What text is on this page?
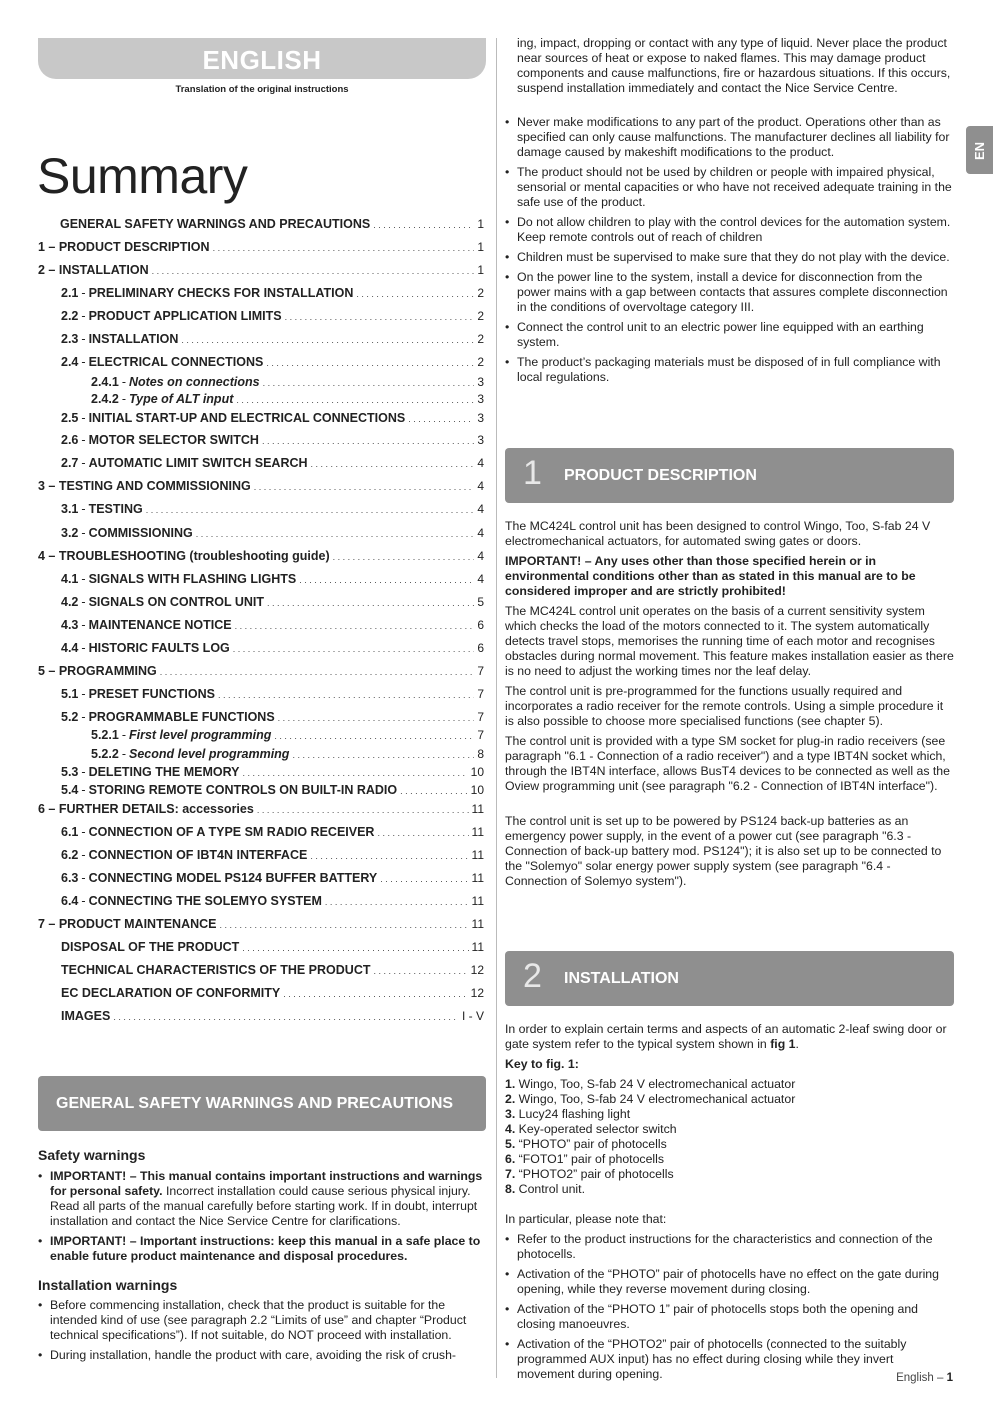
ENGLISH
Translation of the original instructions
Summary
GENERAL SAFETY WARNINGS AND PRECAUTIONS . . .	1
1 – PRODUCT DESCRIPTION . . .	1
2 – INSTALLATION . . .	1
2.1 - PRELIMINARY CHECKS FOR INSTALLATION . . .	2
2.2 - PRODUCT APPLICATION LIMITS . . .	2
2.3 - INSTALLATION . . .	2
2.4 - ELECTRICAL CONNECTIONS . . .	2
2.4.1 - Notes on connections . . .	3
2.4.2 - Type of ALT input . . .	3
2.5 - INITIAL START-UP AND ELECTRICAL CONNECTIONS . . .	3
2.6 - MOTOR SELECTOR SWITCH . . .	3
2.7 - AUTOMATIC LIMIT SWITCH SEARCH . . .	4
3 – TESTING AND COMMISSIONING . . .	4
3.1 - TESTING . . .	4
3.2 - COMMISSIONING . . .	4
4 – TROUBLESHOOTING (troubleshooting guide) . . .	4
4.1 - SIGNALS WITH FLASHING LIGHTS . . .	4
4.2 - SIGNALS ON CONTROL UNIT . . .	5
4.3 - MAINTENANCE NOTICE . . .	6
4.4 - HISTORIC FAULTS LOG . . .	6
5 – PROGRAMMING . . .	7
5.1 - PRESET FUNCTIONS . . .	7
5.2 - PROGRAMMABLE FUNCTIONS . . .	7
5.2.1 - First level programming . . .	7
5.2.2 - Second level programming . . .	8
5.3 - DELETING THE MEMORY . . .	10
5.4 - STORING REMOTE CONTROLS ON BUILT-IN RADIO . . .	10
6 – FURTHER DETAILS: accessories . . .	11
6.1 - CONNECTION OF A TYPE SM RADIO RECEIVER . . .	11
6.2 - CONNECTION OF IBT4N INTERFACE . . .	11
6.3 - CONNECTING MODEL PS124 BUFFER BATTERY . . .	11
6.4 - CONNECTING THE SOLEMYO SYSTEM . . .	11
7 – PRODUCT MAINTENANCE . . .	11
DISPOSAL OF THE PRODUCT . . .	11
TECHNICAL CHARACTERISTICS OF THE PRODUCT . . .	12
EC DECLARATION OF CONFORMITY . . .	12
IMAGES . . .	I - V
GENERAL SAFETY WARNINGS AND PRECAUTIONS
Safety warnings
• IMPORTANT! – This manual contains important instructions and warnings for personal safety. Incorrect installation could cause serious physical injury. Read all parts of the manual carefully before starting work. If in doubt, interrupt installation and contact the Nice Service Centre for clarifications.
• IMPORTANT! – Important instructions: keep this manual in a safe place to enable future product maintenance and disposal procedures.
Installation warnings
• Before commencing installation, check that the product is suitable for the intended kind of use (see paragraph 2.2 “Limits of use” and chapter “Product technical specifications”). If not suitable, do NOT proceed with installation.
• During installation, handle the product with care, avoiding the risk of crush-
ing, impact, dropping or contact with any type of liquid. Never place the product near sources of heat or expose to naked flames. This may damage product components and cause malfunctions, fire or hazardous situations. If this occurs, suspend installation immediately and contact the Nice Service Centre.
• Never make modifications to any part of the product. Operations other than as specified can only cause malfunctions. The manufacturer declines all liability for damage caused by makeshift modifications to the product.
• The product should not be used by children or people with impaired physical, sensorial or mental capacities or who have not received adequate training in the safe use of the product.
• Do not allow children to play with the control devices for the automation system. Keep remote controls out of reach of children
• Children must be supervised to make sure that they do not play with the device.
• On the power line to the system, install a device for disconnection from the power mains with a gap between contacts that assures complete disconnection in the conditions of overvoltage category III.
• Connect the control unit to an electric power line equipped with an earthing system.
• The product’s packaging materials must be disposed of in full compliance with local regulations.
EN
1 PRODUCT DESCRIPTION
The MC424L control unit has been designed to control Wingo, Too, S-fab 24 V electromechanical actuators, for automated swing gates or doors.
IMPORTANT! – Any uses other than those specified herein or in environmental conditions other than as stated in this manual are to be considered improper and are strictly prohibited!
The MC424L control unit operates on the basis of a current sensitivity system which checks the load of the motors connected to it. The system automatically detects travel stops, memorises the running time of each motor and recognises obstacles during normal movement. This feature makes installation easier as there is no need to adjust the working times nor the leaf delay.
The control unit is pre-programmed for the functions usually required and incorporates a radio receiver for the remote controls. Using a simple procedure it is also possible to choose more specialised functions (see chapter 5).
The control unit is provided with a type SM socket for plug-in radio receivers (see paragraph "6.1 - Connection of a radio receiver") and a type IBT4N socket which, through the IBT4N interface, allows BusT4 devices to be connected as well as the Oview programming unit (see paragraph "6.2 - Connection of IBT4N interface").
The control unit is set up to be powered by PS124 back-up batteries as an emergency power supply, in the event of a power cut (see paragraph "6.3 - Connection of back-up battery mod. PS124"); it is also set up to be connected to the "Solemyo" solar energy power supply system (see paragraph "6.4 - Connection of Solemyo system").
2 INSTALLATION
In order to explain certain terms and aspects of an automatic 2-leaf swing door or gate system refer to the typical system shown in fig 1.
Key to fig. 1:
1. Wingo, Too, S-fab 24 V electromechanical actuator
2. Wingo, Too, S-fab 24 V electromechanical actuator
3. Lucy24 flashing light
4. Key-operated selector switch
5. “PHOTO” pair of photocells
6. “FOTO1” pair of photocells
7. “PHOTO2” pair of photocells
8. Control unit.
In particular, please note that:
• Refer to the product instructions for the characteristics and connection of the photocells.
• Activation of the “PHOTO” pair of photocells have no effect on the gate during opening, while they reverse movement during closing.
• Activation of the “PHOTO 1” pair of photocells stops both the opening and closing manoeuvres.
• Activation of the “PHOTO2” pair of photocells (connected to the suitably programmed AUX input) has no effect during closing while they invert movement during opening.	English – 1
